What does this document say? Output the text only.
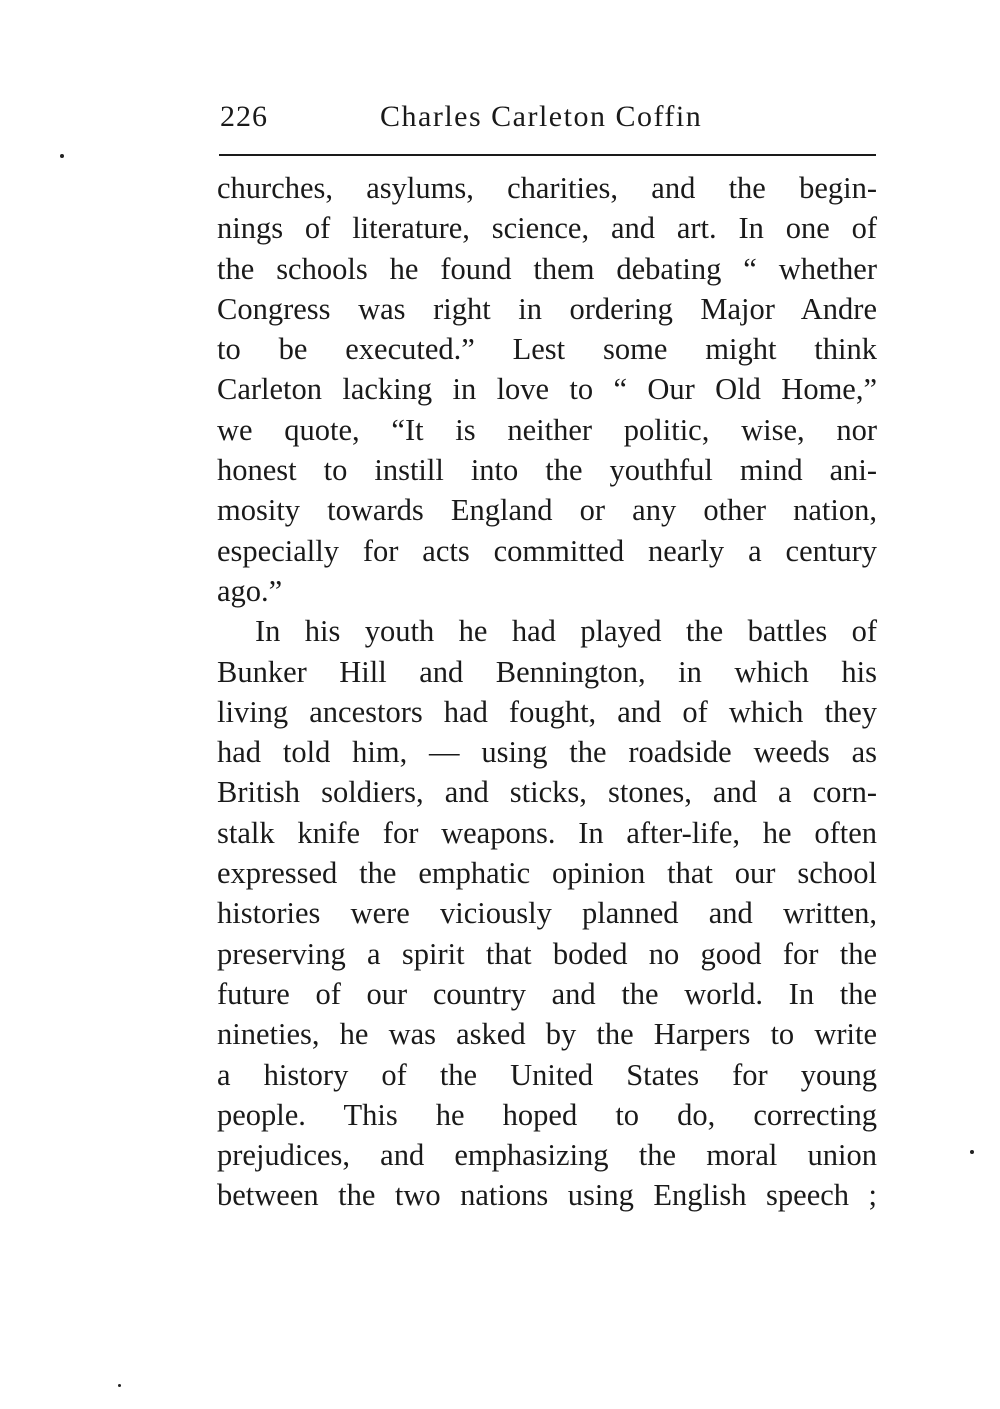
226	Charles Carleton Coffin
churches, asylums, charities, and the begin-
nings of literature, science, and art. In one of
the schools he found them debating “ whether
Congress was right in ordering Major Andre
to be executed.” Lest some might think
Carleton lacking in love to “ Our Old Home,”
we quote, “It is neither politic, wise, nor
honest to instill into the youthful mind ani-
mosity towards England or any other nation,
especially for acts committed nearly a century
ago.”
In his youth he had played the battles of
Bunker Hill and Bennington, in which his
living ancestors had fought, and of which they
had told him, — using the roadside weeds as
British soldiers, and sticks, stones, and a corn-
stalk knife for weapons. In after-life, he often
expressed the emphatic opinion that our school
histories were viciously planned and written,
preserving a spirit that boded no good for the
future of our country and the world. In the
nineties, he was asked by the Harpers to write
a history of the United States for young
people. This he hoped to do, correcting
prejudices, and emphasizing the moral union
between the two nations using English speech ;
